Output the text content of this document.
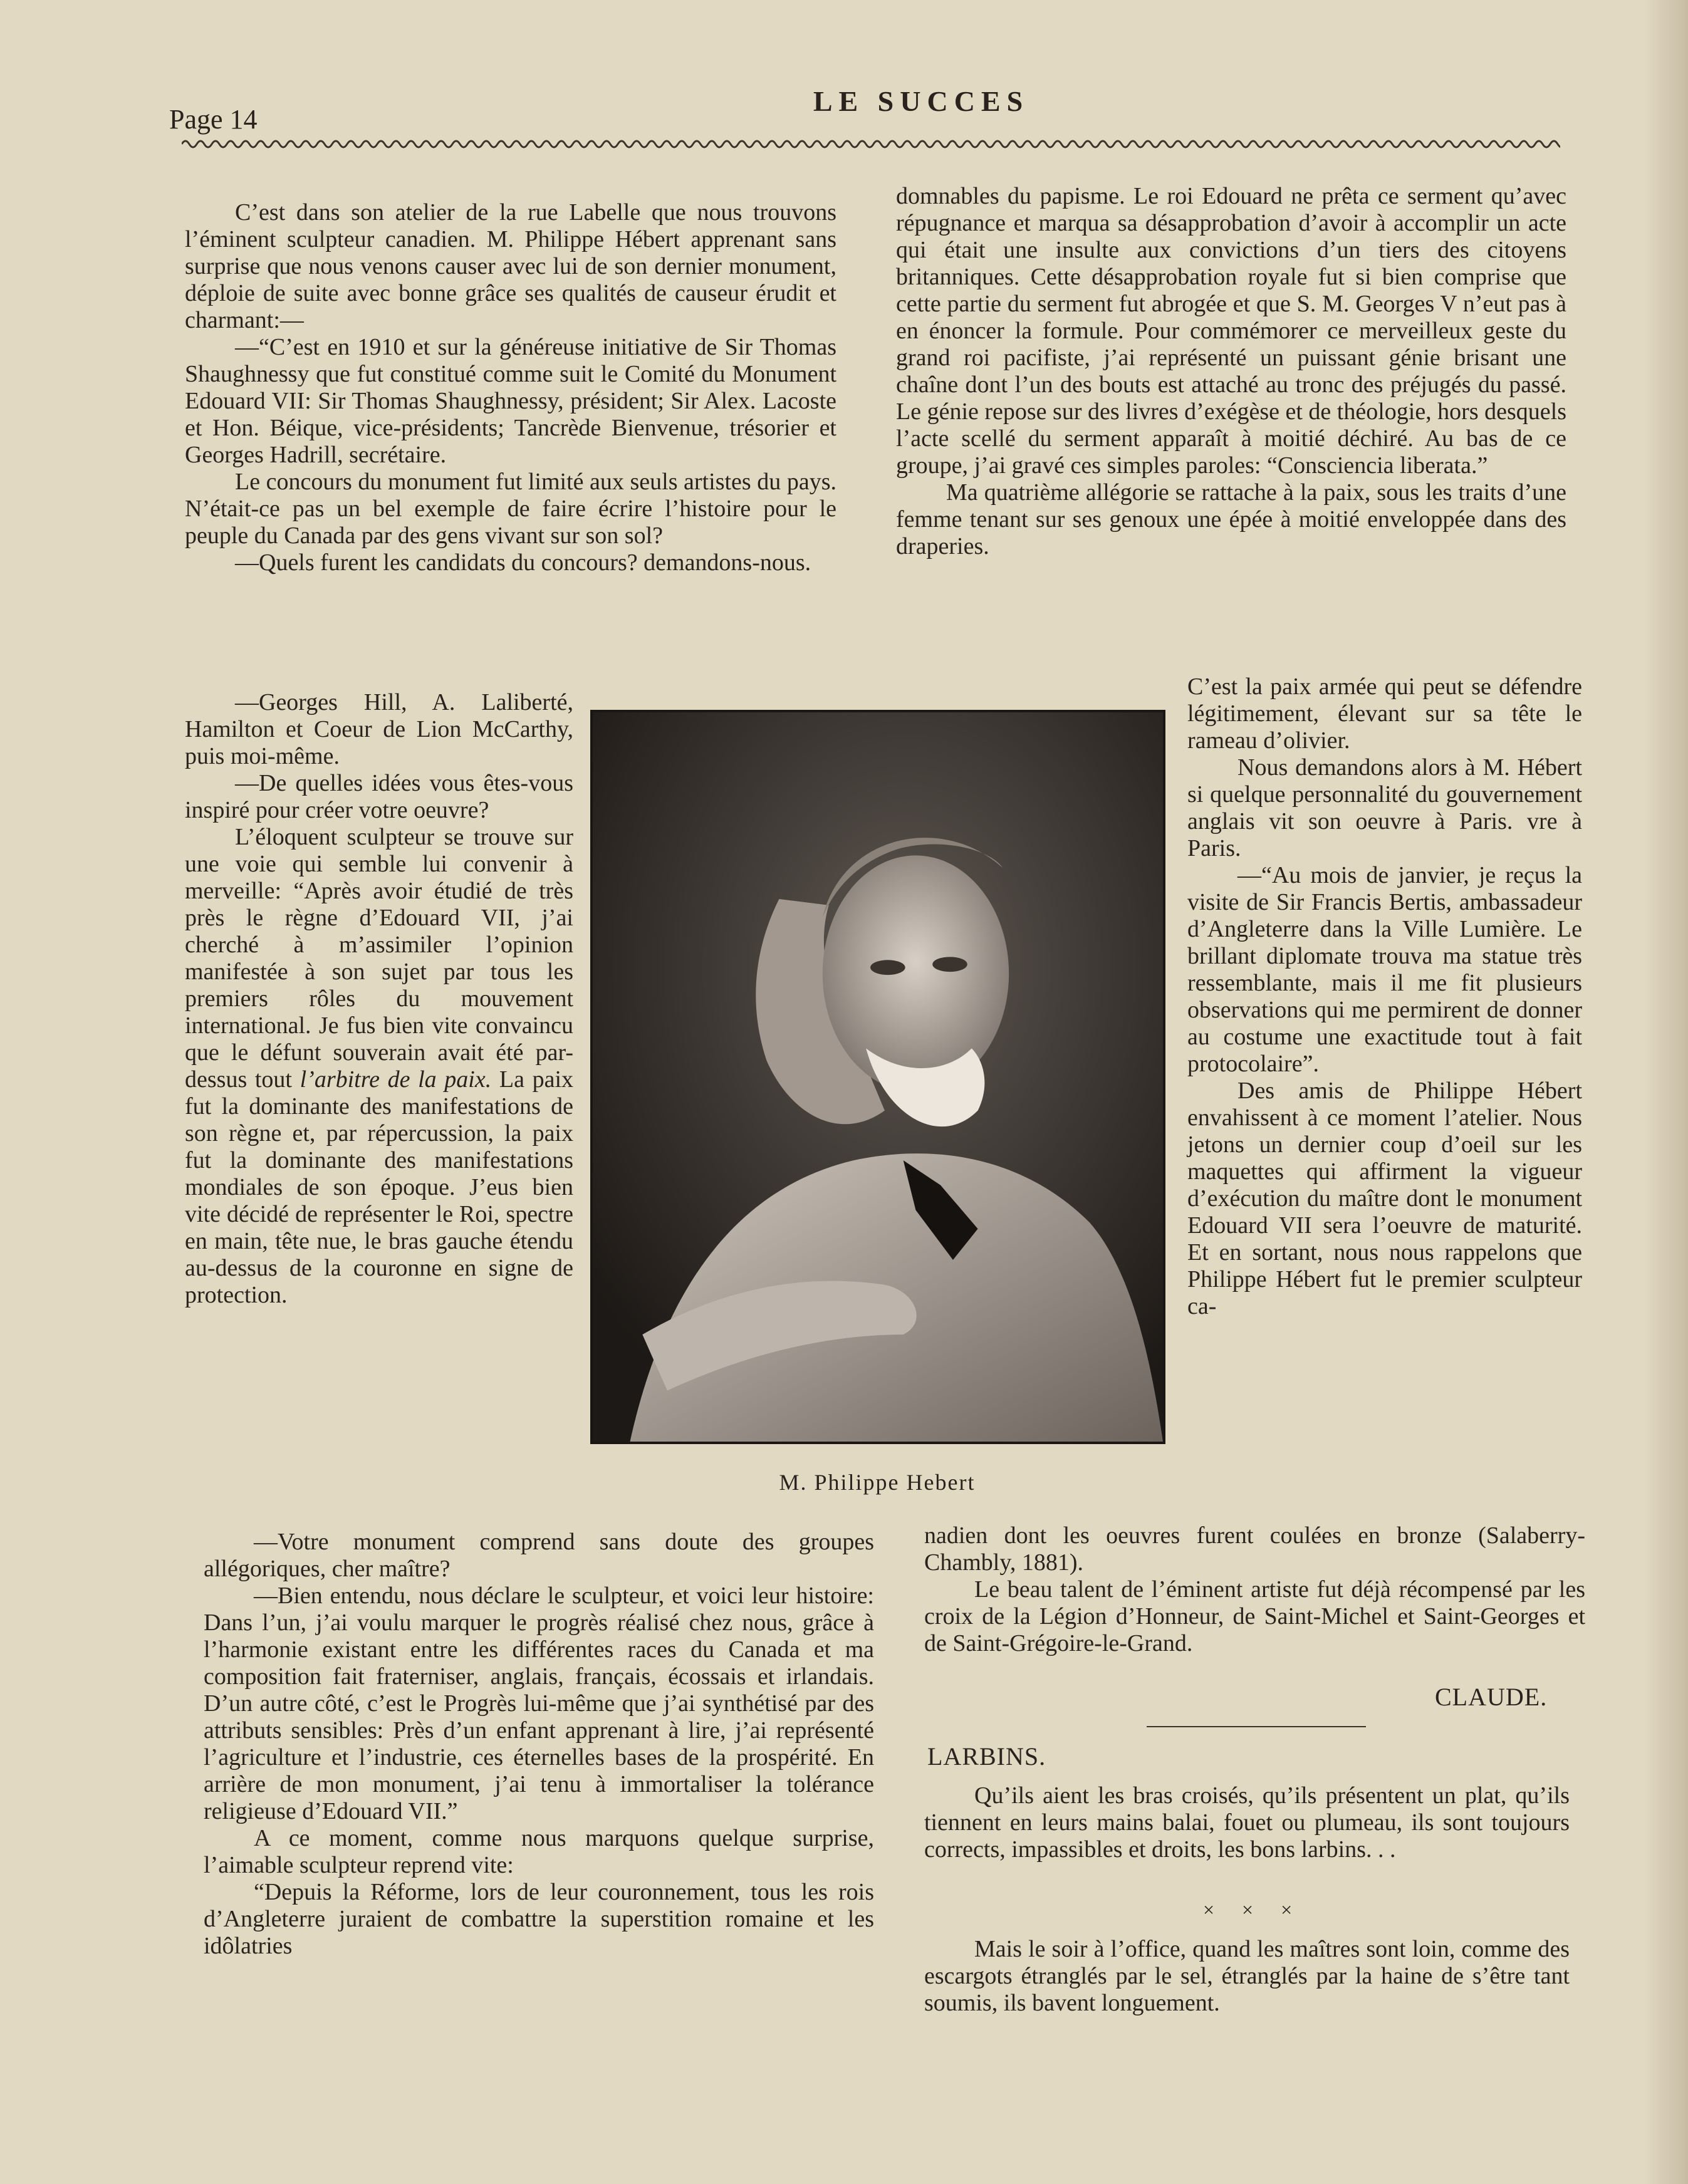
Page 14
LE SUCCES

C’est dans son atelier de la rue Labelle que nous trouvons l’éminent sculpteur canadien. M. Philippe Hébert apprenant sans surprise que nous venons causer avec lui de son dernier monument, déploie de suite avec bonne grâce ses qualités de causeur érudit et charmant:—

—“C’est en 1910 et sur la généreuse initiative de Sir Thomas Shaughnessy que fut constitué comme suit le Comité du Monument Edouard VII: Sir Thomas Shaughnessy, président; Sir Alex. Lacoste et Hon. Béique, vice-présidents; Tancrède Bienvenue, trésorier et Georges Hadrill, secrétaire.

Le concours du monument fut limité aux seuls artistes du pays. N’était-ce pas un bel exemple de faire écrire l’histoire pour le peuple du Canada par des gens vivant sur son sol?

—Quels furent les candidats du concours? demandons-nous.

—Georges Hill, A. Laliberté, Hamilton et Coeur de Lion McCarthy, puis moi-même.

—De quelles idées vous êtes-vous inspiré pour créer votre oeuvre?

L’éloquent sculpteur se trouve sur une voie qui semble lui convenir à merveille: “Après avoir étudié de très près le règne d’Edouard VII, j’ai cherché à m’assimiler l’opinion manifestée à son sujet par tous les premiers rôles du mouvement international. Je fus bien vite convaincu que le défunt souverain avait été par-dessus tout l’arbitre de la paix. La paix fut la dominante des manifestations de son règne et, par répercussion, la paix fut la dominante des manifestations mondiales de son époque. J’eus bien vite décidé de représenter le Roi, spectre en main, tête nue, le bras gauche étendu au-dessus de la couronne en signe de protection.

M. Philippe Hebert

—Votre monument comprend sans doute des groupes allégoriques, cher maître?

—Bien entendu, nous déclare le sculpteur, et voici leur histoire: Dans l’un, j’ai voulu marquer le progrès réalisé chez nous, grâce à l’harmonie existant entre les différentes races du Canada et ma composition fait fraterniser, anglais, français, écossais et irlandais. D’un autre côté, c’est le Progrès lui-même que j’ai synthétisé par des attributs sensibles: Près d’un enfant apprenant à lire, j’ai représenté l’agriculture et l’industrie, ces éternelles bases de la prospérité. En arrière de mon monument, j’ai tenu à immortaliser la tolérance religieuse d’Edouard VII.”

A ce moment, comme nous marquons quelque surprise, l’aimable sculpteur reprend vite:

“Depuis la Réforme, lors de leur couronnement, tous les rois d’Angleterre juraient de combattre la superstition romaine et les idôlatries

domnables du papisme. Le roi Edouard ne prêta ce serment qu’avec répugnance et marqua sa désapprobation d’avoir à accomplir un acte qui était une insulte aux convictions d’un tiers des citoyens britanniques. Cette désapprobation royale fut si bien comprise que cette partie du serment fut abrogée et que S. M. Georges V n’eut pas à en énoncer la formule. Pour commémorer ce merveilleux geste du grand roi pacifiste, j’ai représenté un puissant génie brisant une chaîne dont l’un des bouts est attaché au tronc des préjugés du passé. Le génie repose sur des livres d’exégèse et de théologie, hors desquels l’acte scellé du serment apparaît à moitié déchiré. Au bas de ce groupe, j’ai gravé ces simples paroles: “Consciencia liberata.”

Ma quatrième allégorie se rattache à la paix, sous les traits d’une femme tenant sur ses genoux une épée à moitié enveloppée dans des draperies.

C’est la paix armée qui peut se défendre légitimement, élevant sur sa tête le rameau d’olivier.

Nous demandons alors à M. Hébert si quelque personnalité du gouvernement anglais vit son oeuvre à Paris. vre à Paris.

—“Au mois de janvier, je reçus la visite de Sir Francis Bertis, ambassadeur d’Angleterre dans la Ville Lumière. Le brillant diplomate trouva ma statue très ressemblante, mais il me fit plusieurs observations qui me permirent de donner au costume une exactitude tout à fait protocolaire”.

Des amis de Philippe Hébert envahissent à ce moment l’atelier. Nous jetons un dernier coup d’oeil sur les maquettes qui affirment la vigueur d’exécution du maître dont le monument Edouard VII sera l’oeuvre de maturité. Et en sortant, nous nous rappelons que Philippe Hébert fut le premier sculpteur ca-

nadien dont les oeuvres furent coulées en bronze (Salaberry-Chambly, 1881).

Le beau talent de l’éminent artiste fut déjà récompensé par les croix de la Légion d’Honneur, de Saint-Michel et Saint-Georges et de Saint-Grégoire-le-Grand.

CLAUDE.
LARBINS.

Qu’ils aient les bras croisés, qu’ils présentent un plat, qu’ils tiennent en leurs mains balai, fouet ou plumeau, ils sont toujours corrects, impassibles et droits, les bons larbins. . .

× × ×

Mais le soir à l’office, quand les maîtres sont loin, comme des escargots étranglés par le sel, étranglés par la haine de s’être tant soumis, ils bavent longuement.
